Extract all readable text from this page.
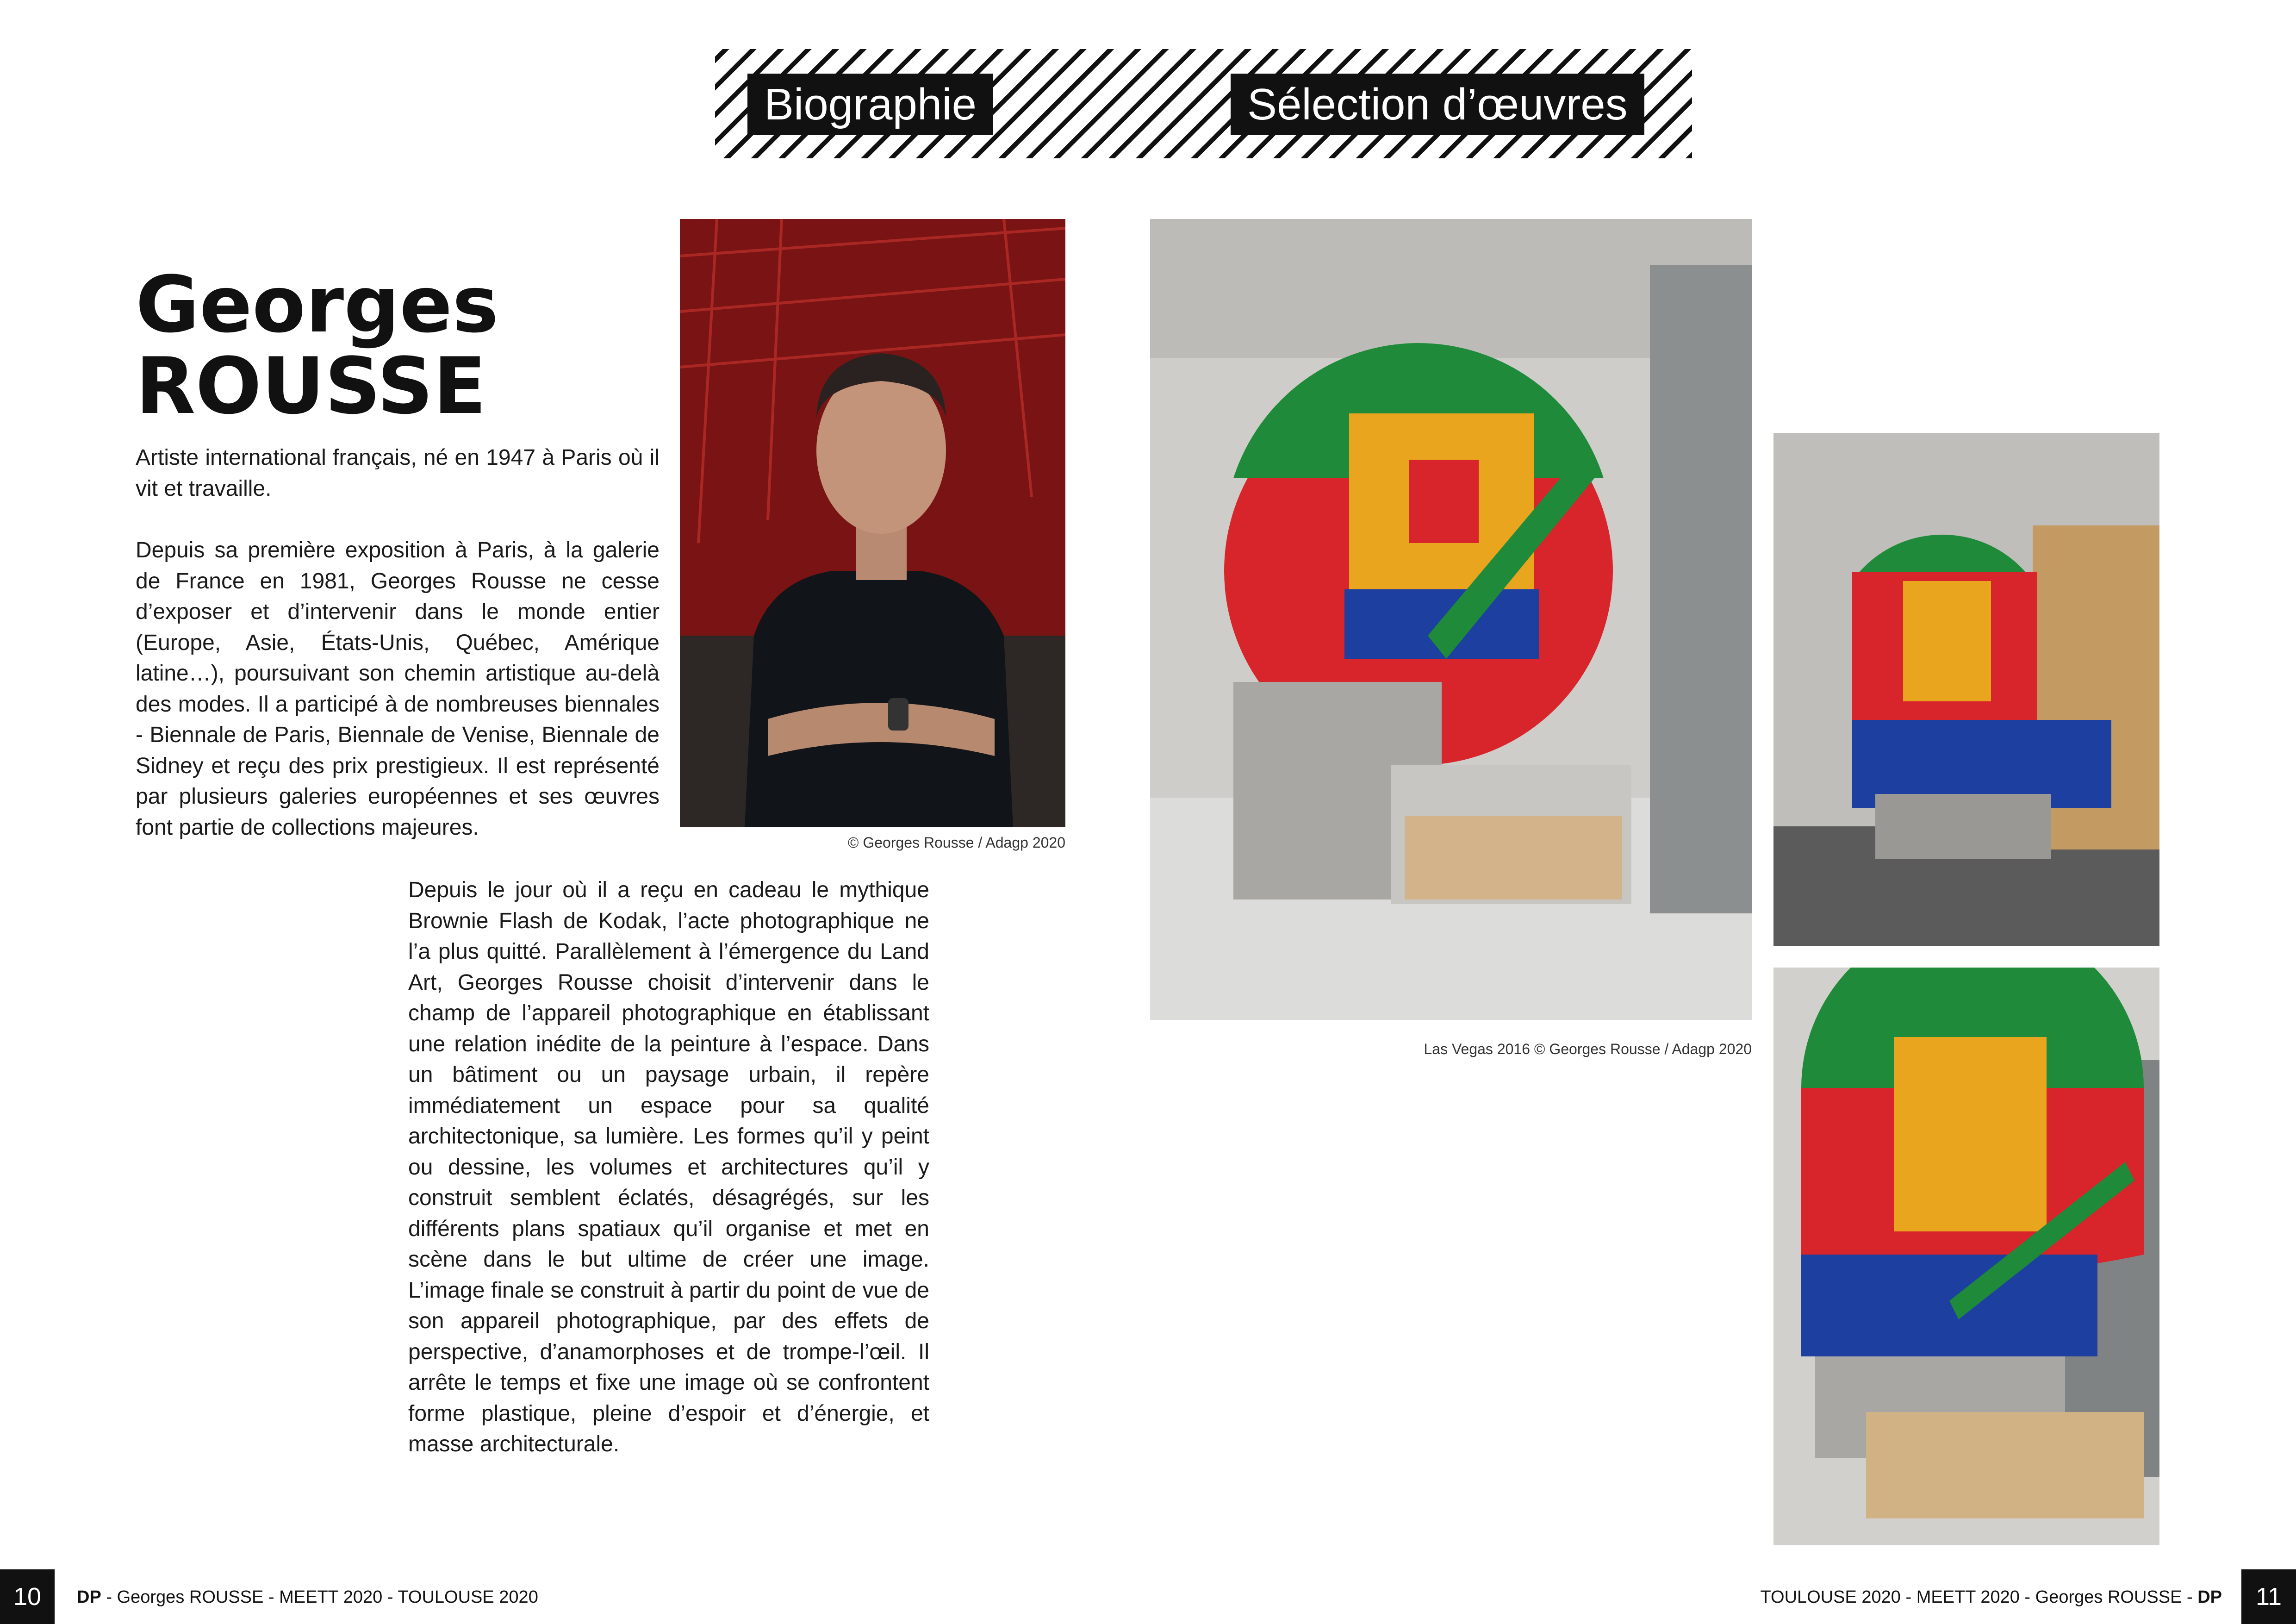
Biographie	Sélection d’œuvres
Georges
ROUSSE

Artiste international français, né en 1947 à Paris où il vit et travaille.

Depuis sa première exposition à Paris, à la galerie de France en 1981, Georges Rousse ne cesse d’exposer et d’intervenir dans le monde entier (Europe, Asie, États-Unis, Québec, Amérique latine…), poursuivant son chemin artistique au-delà des modes. Il a participé à de nombreuses biennales - Biennale de Paris, Biennale de Venise, Biennale de Sidney et reçu des prix prestigieux. Il est représenté par plusieurs galeries européennes et ses œuvres font partie de collections majeures.

Depuis le jour où il a reçu en cadeau le mythique Brownie Flash de Kodak, l’acte photographique ne l’a plus quitté. Parallèlement à l’émergence du Land Art, Georges Rousse choisit d’intervenir dans le champ de l’appareil photographique en établissant une relation inédite de la peinture à l’espace. Dans un bâtiment ou un paysage urbain, il repère immédiatement un espace pour sa qualité architectonique, sa lumière. Les formes qu’il y peint ou dessine, les volumes et architectures qu’il y construit semblent éclatés, désagrégés, sur les différents plans spatiaux qu’il organise et met en scène dans le but ultime de créer une image. L’image finale se construit à partir du point de vue de son appareil photographique, par des effets de perspective, d’anamorphoses et de trompe-l’œil. Il arrête le temps et fixe une image où se confrontent forme plastique, pleine d’espoir et d’énergie, et masse architecturale.

© Georges Rousse / Adagp 2020
Las Vegas 2016 © Georges Rousse / Adagp 2020
10	DP - Georges ROUSSE - MEETT 2020 - TOULOUSE 2020	TOULOUSE 2020 - MEETT 2020 - Georges ROUSSE - DP	11
